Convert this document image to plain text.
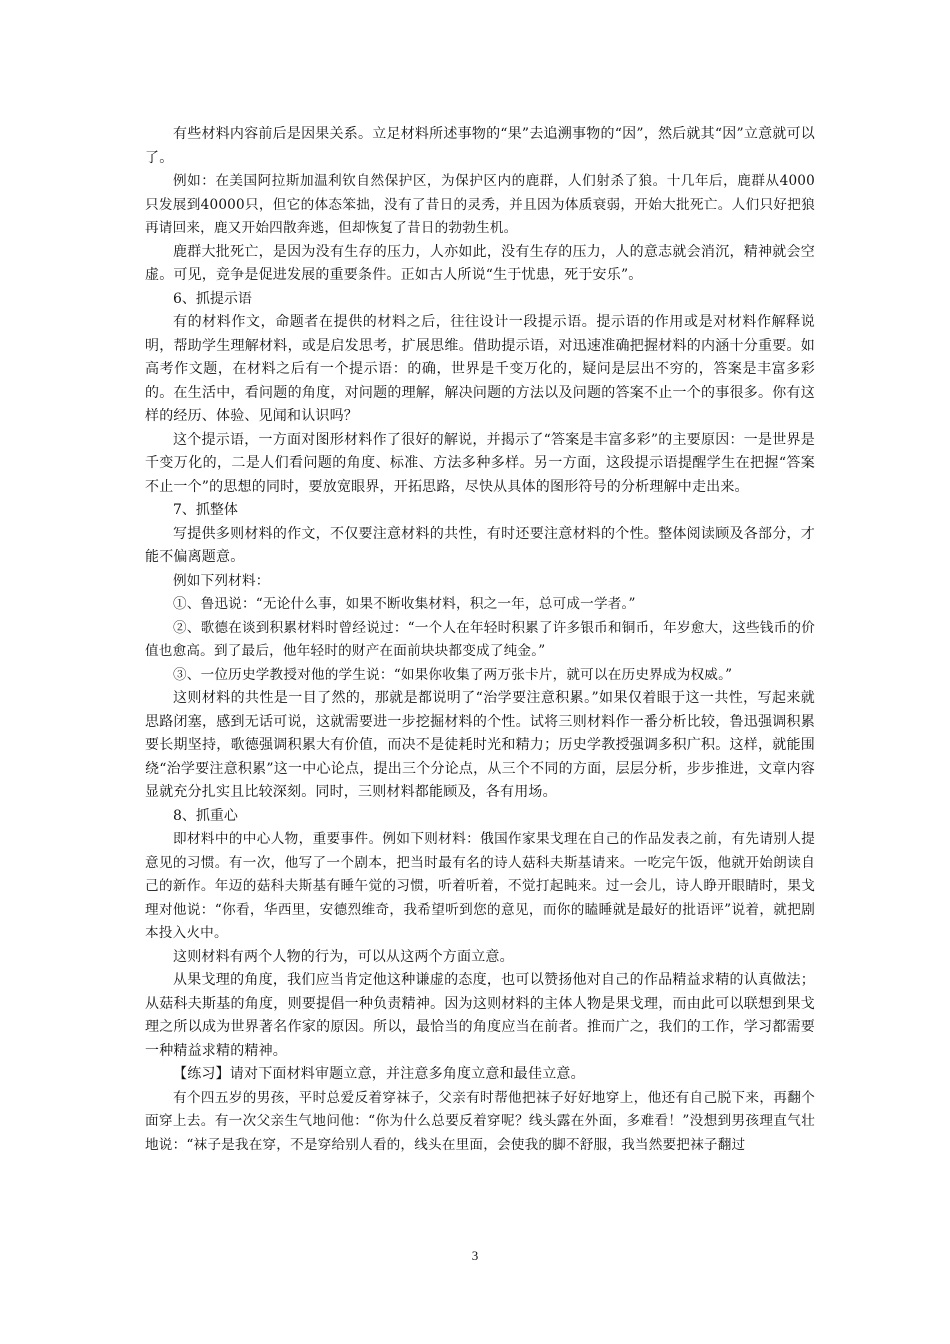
有些材料内容前后是因果关系。立足材料所述事物的“果”去追溯事物的“因”，然后就其“因”立意就可以了。

例如：在美国阿拉斯加温利钦自然保护区，为保护区内的鹿群，人们射杀了狼。十几年后，鹿群从4000只发展到40000只，但它的体态笨拙，没有了昔日的灵秀，并且因为体质衰弱，开始大批死亡。人们只好把狼再请回来，鹿又开始四散奔逃，但却恢复了昔日的勃勃生机。

鹿群大批死亡，是因为没有生存的压力，人亦如此，没有生存的压力，人的意志就会消沉，精神就会空虚。可见，竞争是促进发展的重要条件。正如古人所说“生于忧患，死于安乐”。

6、抓提示语

有的材料作文，命题者在提供的材料之后，往往设计一段提示语。提示语的作用或是对材料作解释说明，帮助学生理解材料，或是启发思考，扩展思维。借助提示语，对迅速准确把握材料的内涵十分重要。如高考作文题，在材料之后有一个提示语：的确，世界是千变万化的，疑问是层出不穷的，答案是丰富多彩的。在生活中，看问题的角度，对问题的理解，解决问题的方法以及问题的答案不止一个的事很多。你有这样的经历、体验、见闻和认识吗？

这个提示语，一方面对图形材料作了很好的解说，并揭示了“答案是丰富多彩”的主要原因：一是世界是千变万化的，二是人们看问题的角度、标准、方法多种多样。另一方面，这段提示语提醒学生在把握“答案不止一个”的思想的同时，要放宽眼界，开拓思路，尽快从具体的图形符号的分析理解中走出来。

7、抓整体

写提供多则材料的作文，不仅要注意材料的共性，有时还要注意材料的个性。整体阅读顾及各部分，才能不偏离题意。

例如下列材料：

①、鲁迅说：“无论什么事，如果不断收集材料，积之一年，总可成一学者。”

②、歌德在谈到积累材料时曾经说过：“一个人在年轻时积累了许多银币和铜币，年岁愈大，这些钱币的价值也愈高。到了最后，他年轻时的财产在面前块块都变成了纯金。”

③、一位历史学教授对他的学生说：“如果你收集了两万张卡片，就可以在历史界成为权威。”

这则材料的共性是一目了然的，那就是都说明了“治学要注意积累。”如果仅着眼于这一共性，写起来就思路闭塞，感到无话可说，这就需要进一步挖掘材料的个性。试将三则材料作一番分析比较，鲁迅强调积累要长期坚持，歌德强调积累大有价值，而决不是徒耗时光和精力；历史学教授强调多积广积。这样，就能围绕“治学要注意积累”这一中心论点，提出三个分论点，从三个不同的方面，层层分析，步步推进，文章内容显就充分扎实且比较深刻。同时，三则材料都能顾及，各有用场。

8、抓重心

即材料中的中心人物，重要事件。例如下则材料：俄国作家果戈理在自己的作品发表之前，有先请别人提意见的习惯。有一次，他写了一个剧本，把当时最有名的诗人菇科夫斯基请来。一吃完午饭，他就开始朗读自己的新作。年迈的菇科夫斯基有睡午觉的习惯，听着听着，不觉打起盹来。过一会儿，诗人睁开眼睛时，果戈理对他说：“你看，华西里，安德烈维奇，我希望听到您的意见，而你的瞌睡就是最好的批语评”说着，就把剧本投入火中。

这则材料有两个人物的行为，可以从这两个方面立意。

从果戈理的角度，我们应当肯定他这种谦虚的态度，也可以赞扬他对自己的作品精益求精的认真做法；从菇科夫斯基的角度，则要提倡一种负责精神。因为这则材料的主体人物是果戈理，而由此可以联想到果戈理之所以成为世界著名作家的原因。所以，最恰当的角度应当在前者。推而广之，我们的工作，学习都需要一种精益求精的精神。

【练习】请对下面材料审题立意，并注意多角度立意和最佳立意。

有个四五岁的男孩，平时总爱反着穿袜子，父亲有时帮他把袜子好好地穿上，他还有自己脱下来，再翻个面穿上去。有一次父亲生气地问他：“你为什么总要反着穿呢？线头露在外面，多难看！”没想到男孩理直气壮地说：“袜子是我在穿，不是穿给别人看的，线头在里面，会使我的脚不舒服，我当然要把袜子翻过

3
